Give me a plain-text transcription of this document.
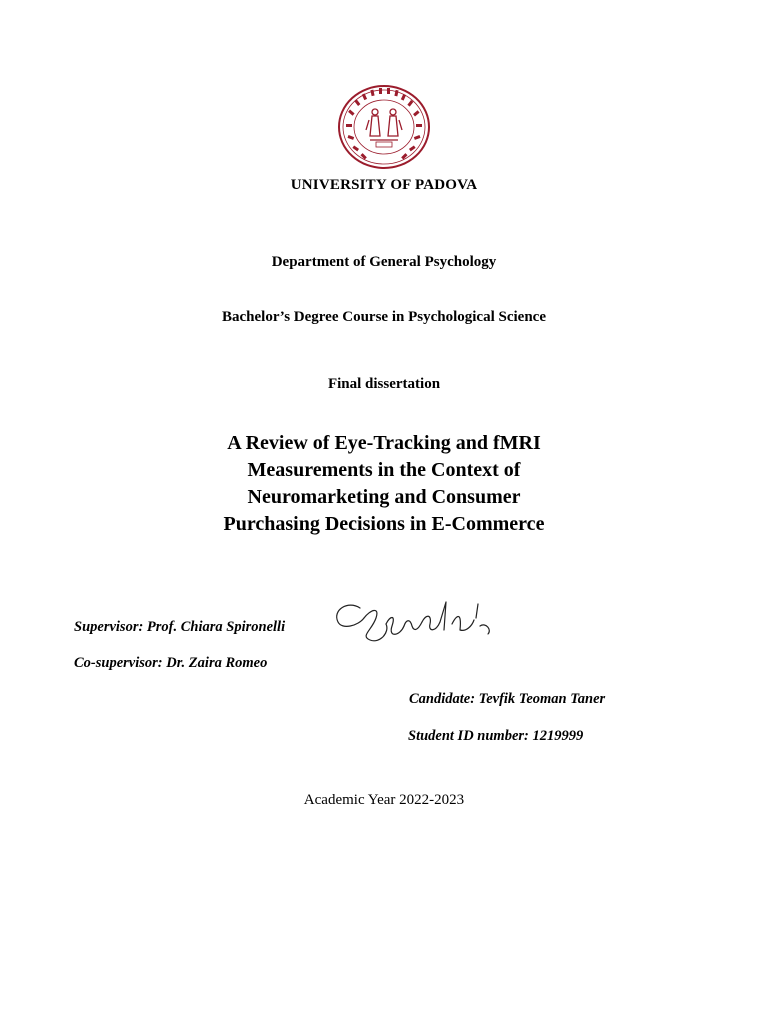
UNIVERSITY OF PADOVA
Department of General Psychology
Bachelor’s Degree Course in Psychological Science
Final dissertation
A Review of Eye-Tracking and fMRI
Measurements in the Context of
Neuromarketing and Consumer
Purchasing Decisions in E-Commerce
Supervisor: Prof. Chiara Spironelli
Co-supervisor: Dr. Zaira Romeo
Candidate: Tevfik Teoman Taner
Student ID number: 1219999
Academic Year 2022-2023
